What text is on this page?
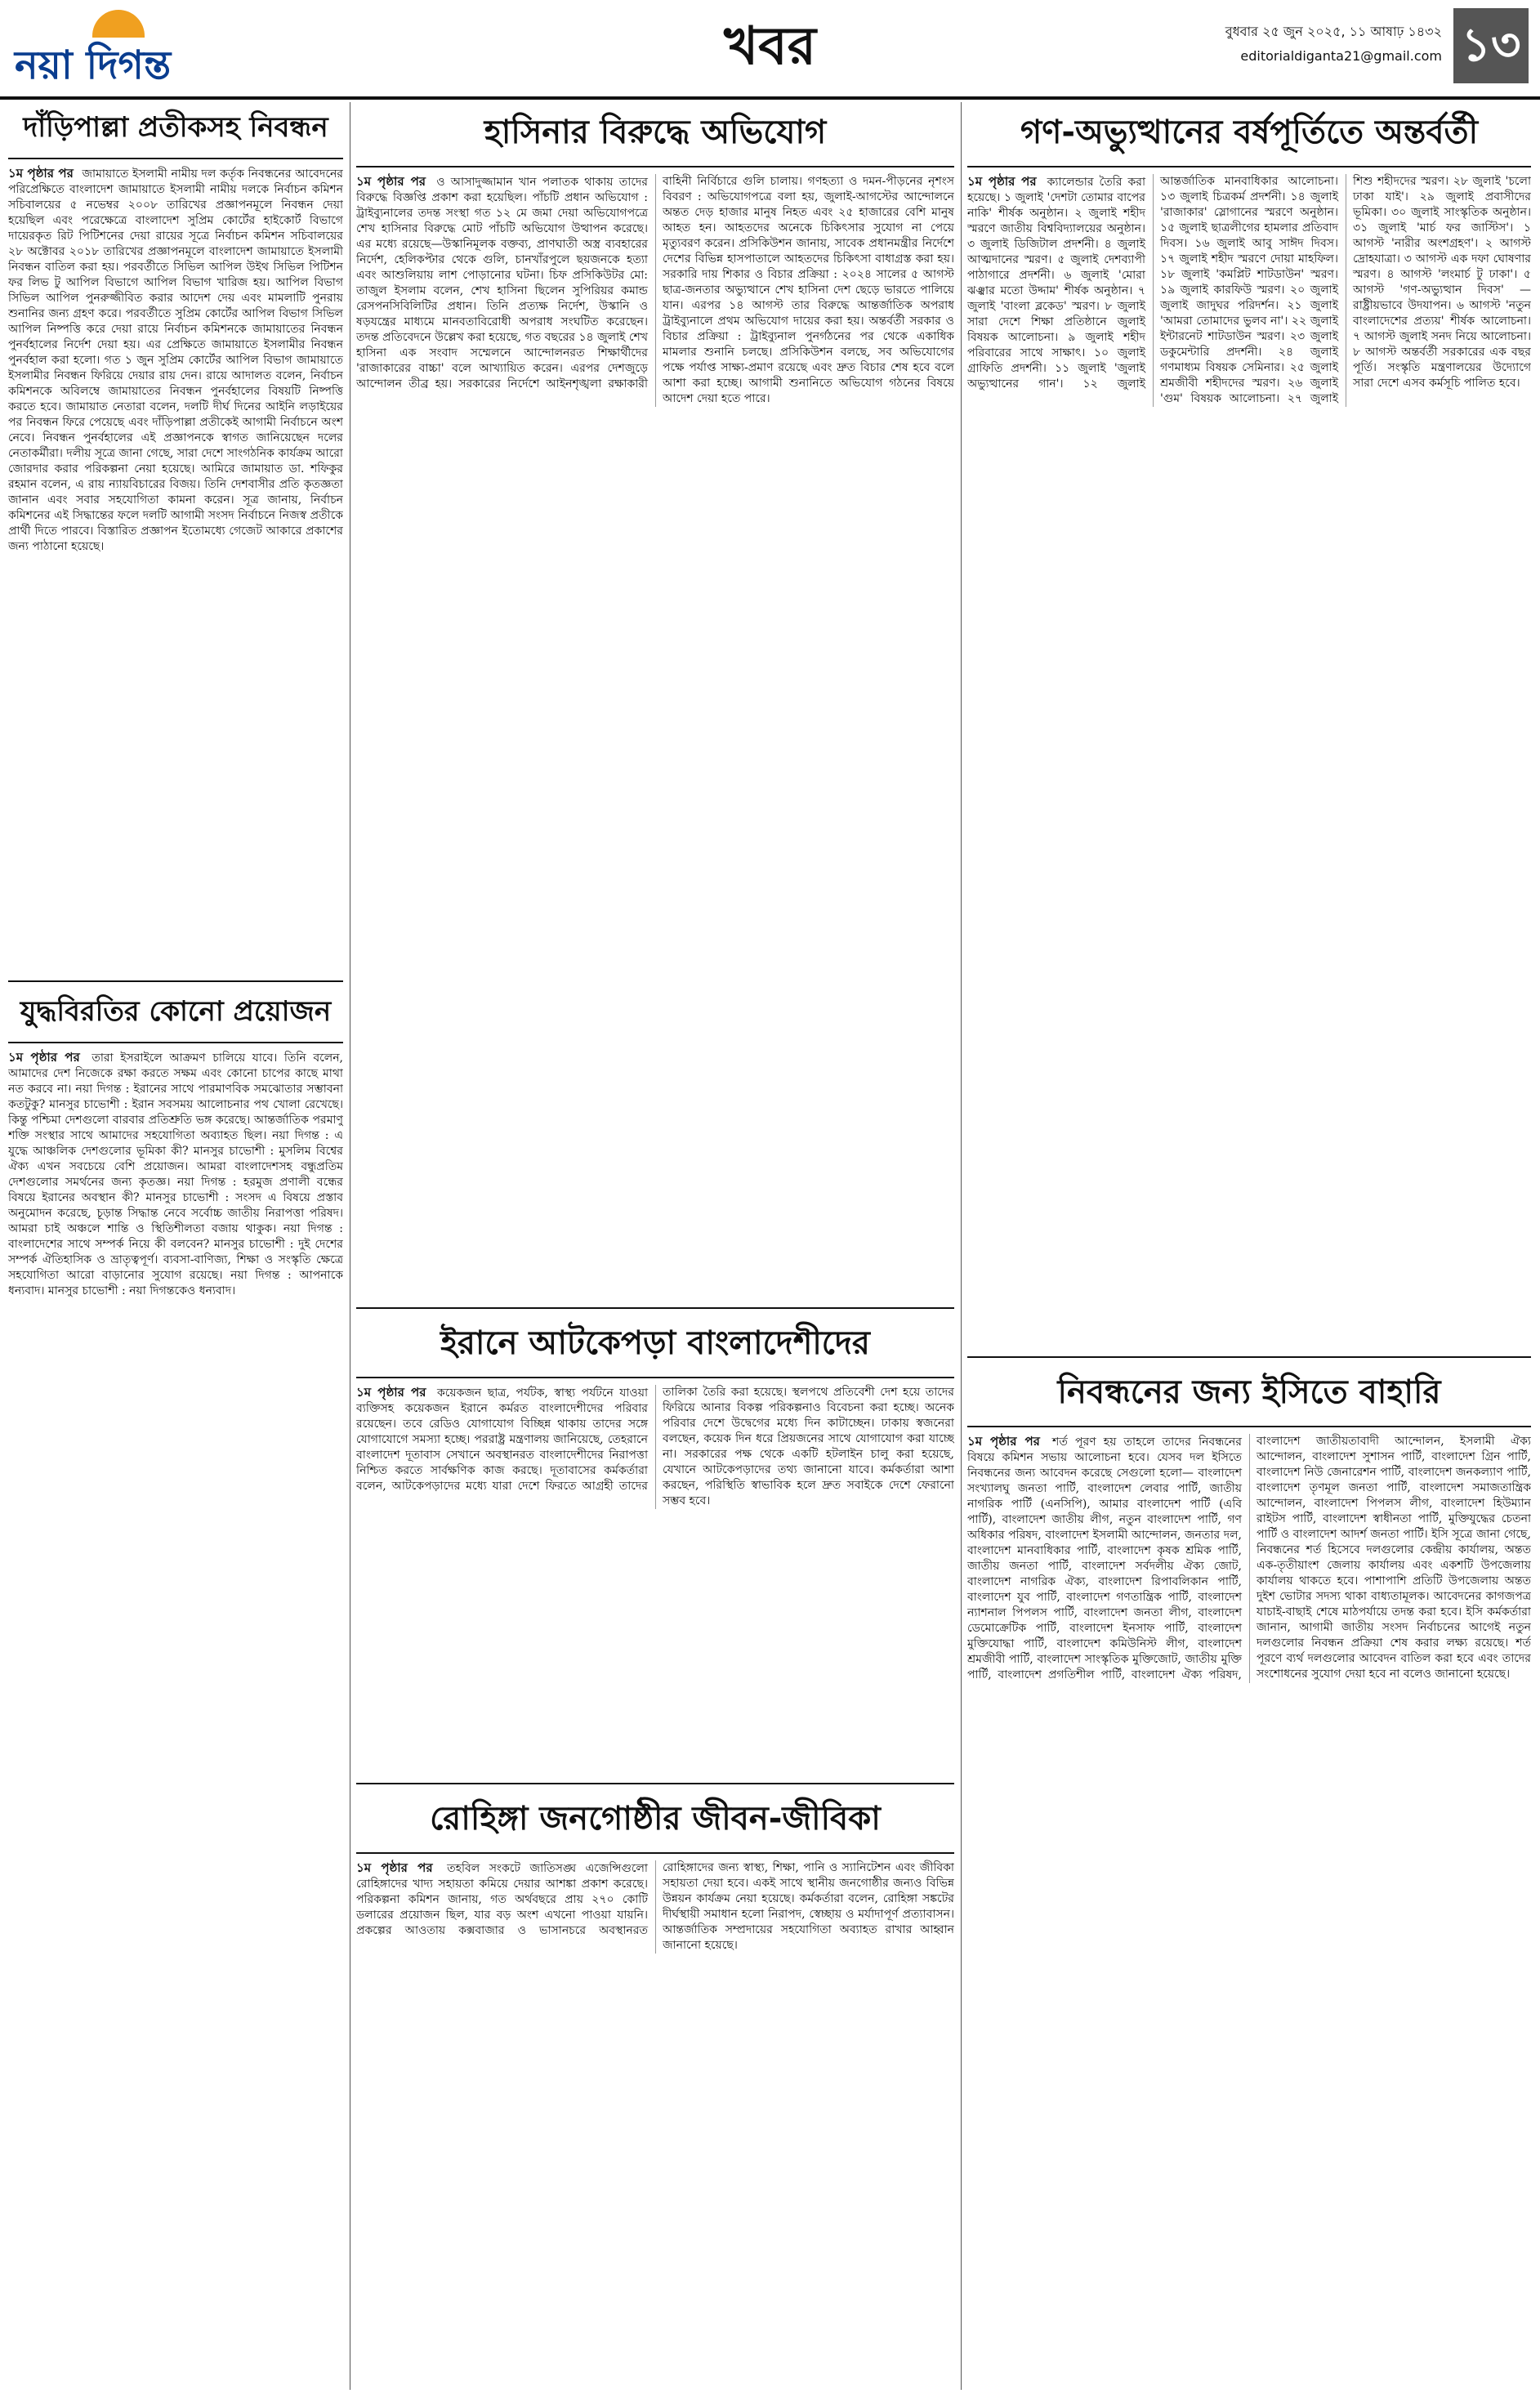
নয়া দিগন্ত	খবর	বুধবার ২৫ জুন ২০২৫, ১১ আষাঢ় ১৪৩২
editorialdiganta21@gmail.com ১৩
দাঁড়িপাল্লা প্রতীকসহ নিবন্ধন
১ম পৃষ্ঠার পর জামায়াতে ইসলামী নামীয় দল কর্তৃক নিবন্ধনের আবেদনের পরিপ্রেক্ষিতে বাংলাদেশ জামায়াতে ইসলামী নামীয় দলকে নির্বাচন কমিশন সচিবালয়ের ৫ নভেম্বর ২০০৮ তারিখের প্রজ্ঞাপনমূলে নিবন্ধন দেয়া হয়েছিল এবং পরেক্ষেত্রে বাংলাদেশ সুপ্রিম কোর্টের হাইকোর্ট বিভাগে দায়েরকৃত রিট পিটিশনের দেয়া রায়ের সূত্রে নির্বাচন কমিশন সচিবালয়ের ২৮ অক্টোবর ২০১৮ তারিখের প্রজ্ঞাপনমূলে বাংলাদেশ জামায়াতে ইসলামী নিবন্ধন বাতিল করা হয়। পরবর্তীতে সিভিল আপিল উইথ সিভিল পিটিশন ফর লিভ টু আপিল বিভাগে আপিল বিভাগ খারিজ হয়। আপিল বিভাগ সিভিল আপিল পুনরুজ্জীবিত করার আদেশ দেয় এবং মামলাটি পুনরায় শুনানির জন্য গ্রহণ করে। পরবর্তীতে সুপ্রিম কোর্টের আপিল বিভাগ সিভিল আপিল নিষ্পত্তি করে দেয়া রায়ে নির্বাচন কমিশনকে জামায়াতের নিবন্ধন পুনর্বহালের নির্দেশ দেয়া হয়। এর প্রেক্ষিতে জামায়াতে ইসলামীর নিবন্ধন পুনর্বহাল করা হলো। গত ১ জুন সুপ্রিম কোর্টের আপিল বিভাগ জামায়াতে ইসলামীর নিবন্ধন ফিরিয়ে দেয়ার রায় দেন। রায়ে আদালত বলেন, নির্বাচন কমিশনকে অবিলম্বে জামায়াতের নিবন্ধন পুনর্বহালের বিষয়টি নিষ্পত্তি করতে হবে। জামায়াত নেতারা বলেন, দলটি দীর্ঘ দিনের আইনি লড়াইয়ের পর নিবন্ধন ফিরে পেয়েছে এবং দাঁড়িপাল্লা প্রতীকেই আগামী নির্বাচনে অংশ নেবে। নিবন্ধন পুনর্বহালের এই প্রজ্ঞাপনকে স্বাগত জানিয়েছেন দলের নেতাকর্মীরা। দলীয় সূত্রে জানা গেছে, সারা দেশে সাংগঠনিক কার্যক্রম আরো জোরদার করার পরিকল্পনা নেয়া হয়েছে। আমিরে জামায়াত ডা. শফিকুর রহমান বলেন, এ রায় ন্যায়বিচারের বিজয়। তিনি দেশবাসীর প্রতি কৃতজ্ঞতা জানান এবং সবার সহযোগিতা কামনা করেন। সূত্র জানায়, নির্বাচন কমিশনের এই সিদ্ধান্তের ফলে দলটি আগামী সংসদ নির্বাচনে নিজস্ব প্রতীকে প্রার্থী দিতে পারবে। বিস্তারিত প্রজ্ঞাপন ইতোমধ্যে গেজেট আকারে প্রকাশের জন্য পাঠানো হয়েছে।
হাসিনার বিরুদ্ধে অভিযোগ
১ম পৃষ্ঠার পর ও আসাদুজ্জামান খান পলাতক থাকায় তাদের বিরুদ্ধে বিজ্ঞপ্তি প্রকাশ করা হয়েছিল। পাঁচটি প্রধান অভিযোগ : ট্রাইব্যুনালের তদন্ত সংস্থা গত ১২ মে জমা দেয়া অভিযোগপত্রে শেখ হাসিনার বিরুদ্ধে মোট পাঁচটি অভিযোগ উত্থাপন করেছে। এর মধ্যে রয়েছে—উস্কানিমূলক বক্তব্য, প্রাণঘাতী অস্ত্র ব্যবহারের নির্দেশ, হেলিকপ্টার থেকে গুলি, চানখাঁরপুলে ছয়জনকে হত্যা এবং আশুলিয়ায় লাশ পোড়ানোর ঘটনা। চিফ প্রসিকিউটর মো: তাজুল ইসলাম বলেন, শেখ হাসিনা ছিলেন সুপিরিয়র কমান্ড রেসপনসিবিলিটির প্রধান। তিনি প্রত্যক্ষ নির্দেশ, উস্কানি ও ষড়যন্ত্রের মাধ্যমে মানবতাবিরোধী অপরাধ সংঘটিত করেছেন। তদন্ত প্রতিবেদনে উল্লেখ করা হয়েছে, গত বছরের ১৪ জুলাই শেখ হাসিনা এক সংবাদ সম্মেলনে আন্দোলনরত শিক্ষার্থীদের 'রাজাকারের বাচ্চা' বলে আখ্যায়িত করেন। এরপর দেশজুড়ে আন্দোলন তীব্র হয়। সরকারের নির্দেশে আইনশৃঙ্খলা রক্ষাকারী বাহিনী নির্বিচারে গুলি চালায়। গণহত্যা ও দমন-পীড়নের নৃশংস বিবরণ : অভিযোগপত্রে বলা হয়, জুলাই-আগস্টের আন্দোলনে অন্তত দেড় হাজার মানুষ নিহত এবং ২৫ হাজারের বেশি মানুষ আহত হন। আহতদের অনেকে চিকিৎসার সুযোগ না পেয়ে মৃত্যুবরণ করেন। প্রসিকিউশন জানায়, সাবেক প্রধানমন্ত্রীর নির্দেশে দেশের বিভিন্ন হাসপাতালে আহতদের চিকিৎসা বাধাগ্রস্ত করা হয়। সরকারি দায় শিকার ও বিচার প্রক্রিয়া : ২০২৪ সালের ৫ আগস্ট ছাত্র-জনতার অভ্যুত্থানে শেখ হাসিনা দেশ ছেড়ে ভারতে পালিয়ে যান। এরপর ১৪ আগস্ট তার বিরুদ্ধে আন্তর্জাতিক অপরাধ ট্রাইব্যুনালে প্রথম অভিযোগ দায়ের করা হয়। অন্তর্বর্তী সরকার ও বিচার প্রক্রিয়া : ট্রাইব্যুনাল পুনর্গঠনের পর থেকে একাধিক মামলার শুনানি চলছে। প্রসিকিউশন বলছে, সব অভিযোগের পক্ষে পর্যাপ্ত সাক্ষ্য-প্রমাণ রয়েছে এবং দ্রুত বিচার শেষ হবে বলে আশা করা হচ্ছে। আগামী শুনানিতে অভিযোগ গঠনের বিষয়ে আদেশ দেয়া হতে পারে।
গণ-অভ্যুত্থানের বর্ষপূর্তিতে অন্তর্বর্তী
১ম পৃষ্ঠার পর ক্যালেন্ডার তৈরি করা হয়েছে। ১ জুলাই 'দেশটা তোমার বাপের নাকি' শীর্ষক অনুষ্ঠান। ২ জুলাই শহীদ স্মরণে জাতীয় বিশ্ববিদ্যালয়ের অনুষ্ঠান। ৩ জুলাই ডিজিটাল প্রদর্শনী। ৪ জুলাই আত্মদানের স্মরণ। ৫ জুলাই দেশব্যাপী পাঠাগারে প্রদর্শনী। ৬ জুলাই 'মোরা ঝঞ্ঝার মতো উদ্দাম' শীর্ষক অনুষ্ঠান। ৭ জুলাই 'বাংলা ব্লকেড' স্মরণ। ৮ জুলাই সারা দেশে শিক্ষা প্রতিষ্ঠানে জুলাই বিষয়ক আলোচনা। ৯ জুলাই শহীদ পরিবারের সাথে সাক্ষাৎ। ১০ জুলাই গ্রাফিতি প্রদর্শনী। ১১ জুলাই 'জুলাই অভ্যুত্থানের গান'। ১২ জুলাই আন্তর্জাতিক মানবাধিকার আলোচনা। ১৩ জুলাই চিত্রকর্ম প্রদর্শনী। ১৪ জুলাই 'রাজাকার' স্লোগানের স্মরণে অনুষ্ঠান। ১৫ জুলাই ছাত্রলীগের হামলার প্রতিবাদ দিবস। ১৬ জুলাই আবু সাঈদ দিবস। ১৭ জুলাই শহীদ স্মরণে দোয়া মাহফিল। ১৮ জুলাই 'কমপ্লিট শাটডাউন' স্মরণ। ১৯ জুলাই কারফিউ স্মরণ। ২০ জুলাই জুলাই জাদুঘর পরিদর্শন। ২১ জুলাই 'আমরা তোমাদের ভুলব না'। ২২ জুলাই ইন্টারনেট শাটডাউন স্মরণ। ২৩ জুলাই ডকুমেন্টারি প্রদর্শনী। ২৪ জুলাই গণমাধ্যম বিষয়ক সেমিনার। ২৫ জুলাই শ্রমজীবী শহীদদের স্মরণ। ২৬ জুলাই 'গুম' বিষয়ক আলোচনা। ২৭ জুলাই শিশু শহীদদের স্মরণ। ২৮ জুলাই 'চলো ঢাকা যাই'। ২৯ জুলাই প্রবাসীদের ভূমিকা। ৩০ জুলাই সাংস্কৃতিক অনুষ্ঠান। ৩১ জুলাই 'মার্চ ফর জাস্টিস'। ১ আগস্ট 'নারীর অংশগ্রহণ'। ২ আগস্ট দ্রোহযাত্রা। ৩ আগস্ট এক দফা ঘোষণার স্মরণ। ৪ আগস্ট 'লংমার্চ টু ঢাকা'। ৫ আগস্ট 'গণ-অভ্যুত্থান দিবস' — রাষ্ট্রীয়ভাবে উদযাপন। ৬ আগস্ট 'নতুন বাংলাদেশের প্রত্যয়' শীর্ষক আলোচনা। ৭ আগস্ট জুলাই সনদ নিয়ে আলোচনা। ৮ আগস্ট অন্তর্বর্তী সরকারের এক বছর পূর্তি। সংস্কৃতি মন্ত্রণালয়ের উদ্যোগে সারা দেশে এসব কর্মসূচি পালিত হবে।
যুদ্ধবিরতির কোনো প্রয়োজন
১ম পৃষ্ঠার পর তারা ইসরাইলে আক্রমণ চালিয়ে যাবে। তিনি বলেন, আমাদের দেশ নিজেকে রক্ষা করতে সক্ষম এবং কোনো চাপের কাছে মাথা নত করবে না। নয়া দিগন্ত : ইরানের সাথে পারমাণবিক সমঝোতার সম্ভাবনা কতটুকু? মানসুর চাভোশী : ইরান সবসময় আলোচনার পথ খোলা রেখেছে। কিন্তু পশ্চিমা দেশগুলো বারবার প্রতিশ্রুতি ভঙ্গ করেছে। আন্তর্জাতিক পরমাণু শক্তি সংস্থার সাথে আমাদের সহযোগিতা অব্যাহত ছিল। নয়া দিগন্ত : এ যুদ্ধে আঞ্চলিক দেশগুলোর ভূমিকা কী? মানসুর চাভোশী : মুসলিম বিশ্বের ঐক্য এখন সবচেয়ে বেশি প্রয়োজন। আমরা বাংলাদেশসহ বন্ধুপ্রতিম দেশগুলোর সমর্থনের জন্য কৃতজ্ঞ। নয়া দিগন্ত : হরমুজ প্রণালী বন্ধের বিষয়ে ইরানের অবস্থান কী? মানসুর চাভোশী : সংসদ এ বিষয়ে প্রস্তাব অনুমোদন করেছে, চূড়ান্ত সিদ্ধান্ত নেবে সর্বোচ্চ জাতীয় নিরাপত্তা পরিষদ। আমরা চাই অঞ্চলে শান্তি ও স্থিতিশীলতা বজায় থাকুক। নয়া দিগন্ত : বাংলাদেশের সাথে সম্পর্ক নিয়ে কী বলবেন? মানসুর চাভোশী : দুই দেশের সম্পর্ক ঐতিহাসিক ও ভ্রাতৃত্বপূর্ণ। ব্যবসা-বাণিজ্য, শিক্ষা ও সংস্কৃতি ক্ষেত্রে সহযোগিতা আরো বাড়ানোর সুযোগ রয়েছে। নয়া দিগন্ত : আপনাকে ধন্যবাদ। মানসুর চাভোশী : নয়া দিগন্তকেও ধন্যবাদ।
ইরানে আটকেপড়া বাংলাদেশীদের
১ম পৃষ্ঠার পর কয়েকজন ছাত্র, পর্যটক, স্বাস্থ্য পর্যটনে যাওয়া ব্যক্তিসহ কয়েকজন ইরানে কর্মরত বাংলাদেশীদের পরিবার রয়েছেন। তবে রেডিও যোগাযোগ বিচ্ছিন্ন থাকায় তাদের সঙ্গে যোগাযোগে সমস্যা হচ্ছে। পররাষ্ট্র মন্ত্রণালয় জানিয়েছে, তেহরানে বাংলাদেশ দূতাবাস সেখানে অবস্থানরত বাংলাদেশীদের নিরাপত্তা নিশ্চিত করতে সার্বক্ষণিক কাজ করছে। দূতাবাসের কর্মকর্তারা বলেন, আটকেপড়াদের মধ্যে যারা দেশে ফিরতে আগ্রহী তাদের তালিকা তৈরি করা হয়েছে। স্থলপথে প্রতিবেশী দেশ হয়ে তাদের ফিরিয়ে আনার বিকল্প পরিকল্পনাও বিবেচনা করা হচ্ছে। অনেক পরিবার দেশে উদ্বেগের মধ্যে দিন কাটাচ্ছেন। ঢাকায় স্বজনেরা বলছেন, কয়েক দিন ধরে প্রিয়জনের সাথে যোগাযোগ করা যাচ্ছে না। সরকারের পক্ষ থেকে একটি হটলাইন চালু করা হয়েছে, যেখানে আটকেপড়াদের তথ্য জানানো যাবে। কর্মকর্তারা আশা করছেন, পরিস্থিতি স্বাভাবিক হলে দ্রুত সবাইকে দেশে ফেরানো সম্ভব হবে।
রোহিঙ্গা জনগোষ্ঠীর জীবন-জীবিকা
১ম পৃষ্ঠার পর তহবিল সংকটে জাতিসঙ্ঘ এজেন্সিগুলো রোহিঙ্গাদের খাদ্য সহায়তা কমিয়ে দেয়ার আশঙ্কা প্রকাশ করেছে। পরিকল্পনা কমিশন জানায়, গত অর্থবছরে প্রায় ২৭০ কোটি ডলারের প্রয়োজন ছিল, যার বড় অংশ এখনো পাওয়া যায়নি। প্রকল্পের আওতায় কক্সবাজার ও ভাসানচরে অবস্থানরত রোহিঙ্গাদের জন্য স্বাস্থ্য, শিক্ষা, পানি ও স্যানিটেশন এবং জীবিকা সহায়তা দেয়া হবে। একই সাথে স্থানীয় জনগোষ্ঠীর জন্যও বিভিন্ন উন্নয়ন কার্যক্রম নেয়া হয়েছে। কর্মকর্তারা বলেন, রোহিঙ্গা সঙ্কটের দীর্ঘস্থায়ী সমাধান হলো নিরাপদ, স্বেচ্ছায় ও মর্যাদাপূর্ণ প্রত্যাবাসন। আন্তর্জাতিক সম্প্রদায়ের সহযোগিতা অব্যাহত রাখার আহ্বান জানানো হয়েছে।
নিবন্ধনের জন্য ইসিতে বাহারি
১ম পৃষ্ঠার পর শর্ত পূরণ হয় তাহলে তাদের নিবন্ধনের বিষয়ে কমিশন সভায় আলোচনা হবে। যেসব দল ইসিতে নিবন্ধনের জন্য আবেদন করেছে সেগুলো হলো— বাংলাদেশ সংখ্যালঘু জনতা পার্টি, বাংলাদেশ লেবার পার্টি, জাতীয় নাগরিক পার্টি (এনসিপি), আমার বাংলাদেশ পার্টি (এবি পার্টি), বাংলাদেশ জাতীয় লীগ, নতুন বাংলাদেশ পার্টি, গণ অধিকার পরিষদ, বাংলাদেশ ইসলামী আন্দোলন, জনতার দল, বাংলাদেশ মানবাধিকার পার্টি, বাংলাদেশ কৃষক শ্রমিক পার্টি, জাতীয় জনতা পার্টি, বাংলাদেশ সর্বদলীয় ঐক্য জোট, বাংলাদেশ নাগরিক ঐক্য, বাংলাদেশ রিপাবলিকান পার্টি, বাংলাদেশ যুব পার্টি, বাংলাদেশ গণতান্ত্রিক পার্টি, বাংলাদেশ ন্যাশনাল পিপলস পার্টি, বাংলাদেশ জনতা লীগ, বাংলাদেশ ডেমোক্রেটিক পার্টি, বাংলাদেশ ইনসাফ পার্টি, বাংলাদেশ মুক্তিযোদ্ধা পার্টি, বাংলাদেশ কমিউনিস্ট লীগ, বাংলাদেশ শ্রমজীবী পার্টি, বাংলাদেশ সাংস্কৃতিক মুক্তিজোট, জাতীয় মুক্তি পার্টি, বাংলাদেশ প্রগতিশীল পার্টি, বাংলাদেশ ঐক্য পরিষদ, বাংলাদেশ জাতীয়তাবাদী আন্দোলন, ইসলামী ঐক্য আন্দোলন, বাংলাদেশ সুশাসন পার্টি, বাংলাদেশ গ্রিন পার্টি, বাংলাদেশ নিউ জেনারেশন পার্টি, বাংলাদেশ জনকল্যাণ পার্টি, বাংলাদেশ তৃণমূল জনতা পার্টি, বাংলাদেশ সমাজতান্ত্রিক আন্দোলন, বাংলাদেশ পিপলস লীগ, বাংলাদেশ হিউম্যান রাইটস পার্টি, বাংলাদেশ স্বাধীনতা পার্টি, মুক্তিযুদ্ধের চেতনা পার্টি ও বাংলাদেশ আদর্শ জনতা পার্টি। ইসি সূত্রে জানা গেছে, নিবন্ধনের শর্ত হিসেবে দলগুলোর কেন্দ্রীয় কার্যালয়, অন্তত এক-তৃতীয়াংশ জেলায় কার্যালয় এবং একশটি উপজেলায় কার্যালয় থাকতে হবে। পাশাপাশি প্রতিটি উপজেলায় অন্তত দুইশ ভোটার সদস্য থাকা বাধ্যতামূলক। আবেদনের কাগজপত্র যাচাই-বাছাই শেষে মাঠপর্যায়ে তদন্ত করা হবে। ইসি কর্মকর্তারা জানান, আগামী জাতীয় সংসদ নির্বাচনের আগেই নতুন দলগুলোর নিবন্ধন প্রক্রিয়া শেষ করার লক্ষ্য রয়েছে। শর্ত পূরণে ব্যর্থ দলগুলোর আবেদন বাতিল করা হবে এবং তাদের সংশোধনের সুযোগ দেয়া হবে না বলেও জানানো হয়েছে।
